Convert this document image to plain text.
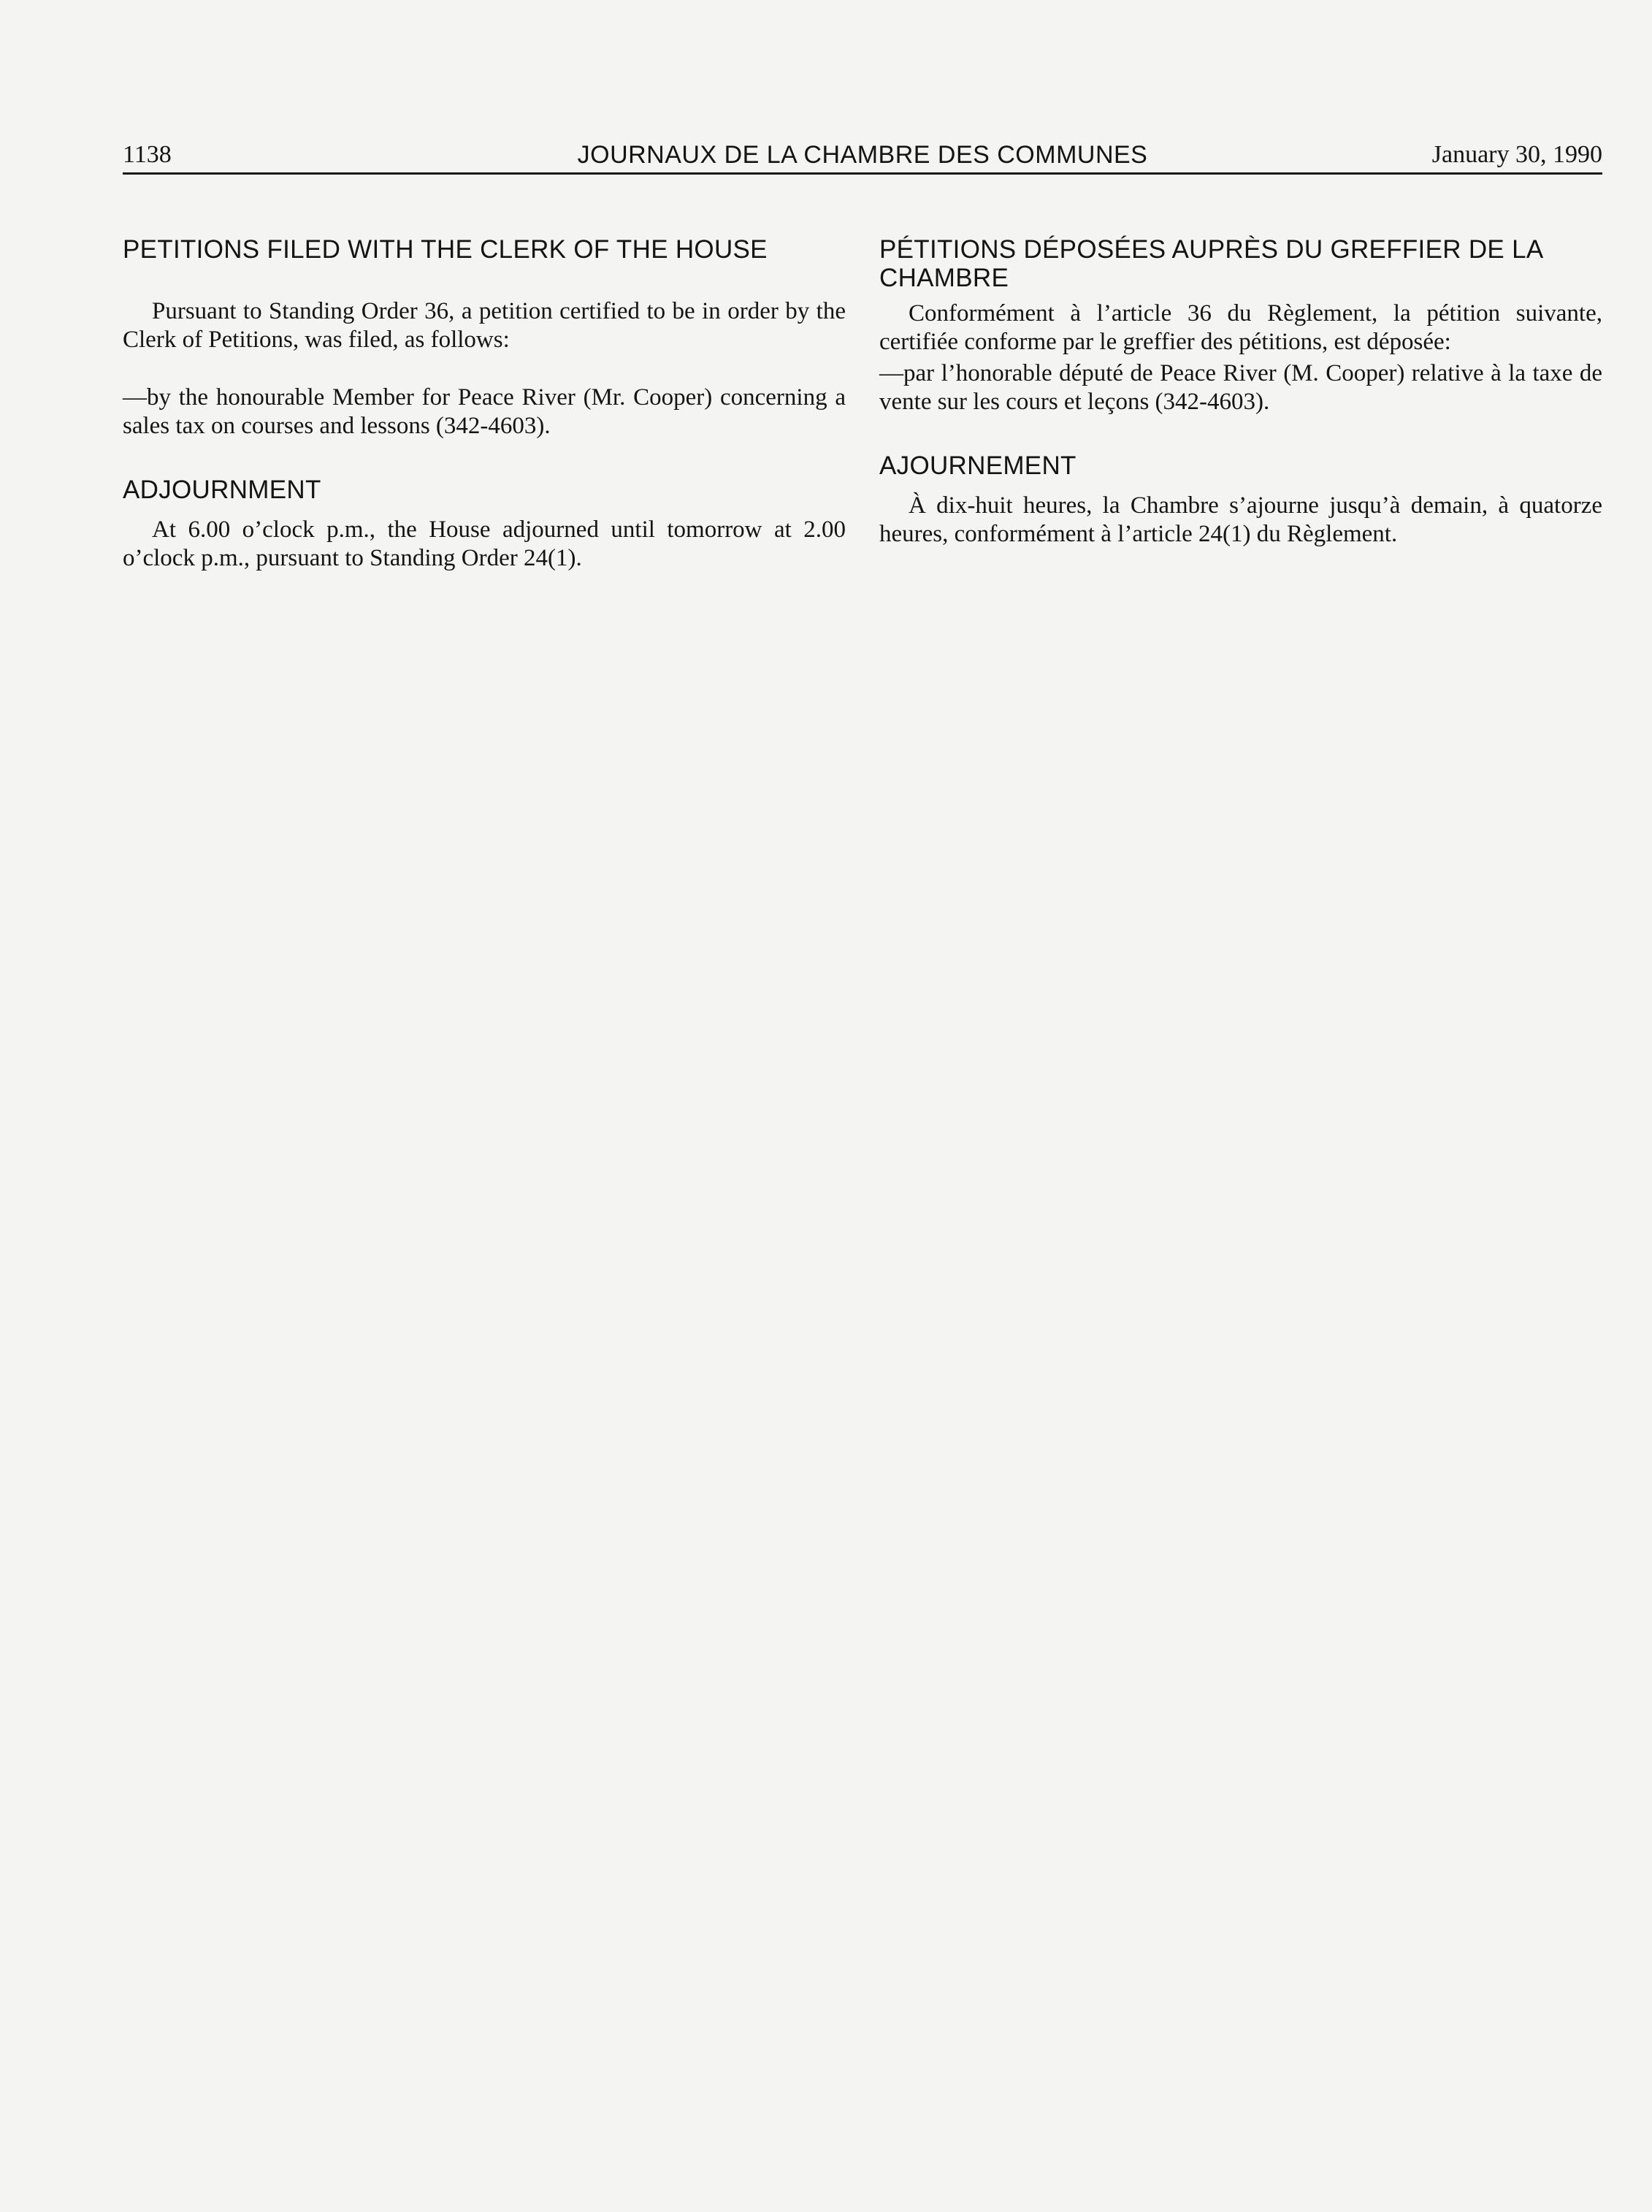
1138	JOURNAUX DE LA CHAMBRE DES COMMUNES	January 30, 1990
PETITIONS FILED WITH THE CLERK OF THE HOUSE

Pursuant to Standing Order 36, a petition certified to be in order by the Clerk of Petitions, was filed, as follows:

—by the honourable Member for Peace River (Mr. Cooper) concerning a sales tax on courses and lessons (342-4603).

ADJOURNMENT

At 6.00 o’clock p.m., the House adjourned until tomorrow at 2.00 o’clock p.m., pursuant to Standing Order 24(1).

PÉTITIONS DÉPOSÉES AUPRÈS DU GREFFIER DE LA CHAMBRE

Conformément à l’article 36 du Règlement, la pétition suivante, certifiée conforme par le greffier des pétitions, est déposée:

—par l’honorable député de Peace River (M. Cooper) relative à la taxe de vente sur les cours et leçons (342-4603).

AJOURNEMENT

À dix-huit heures, la Chambre s’ajourne jusqu’à demain, à quatorze heures, conformément à l’article 24(1) du Règlement.
